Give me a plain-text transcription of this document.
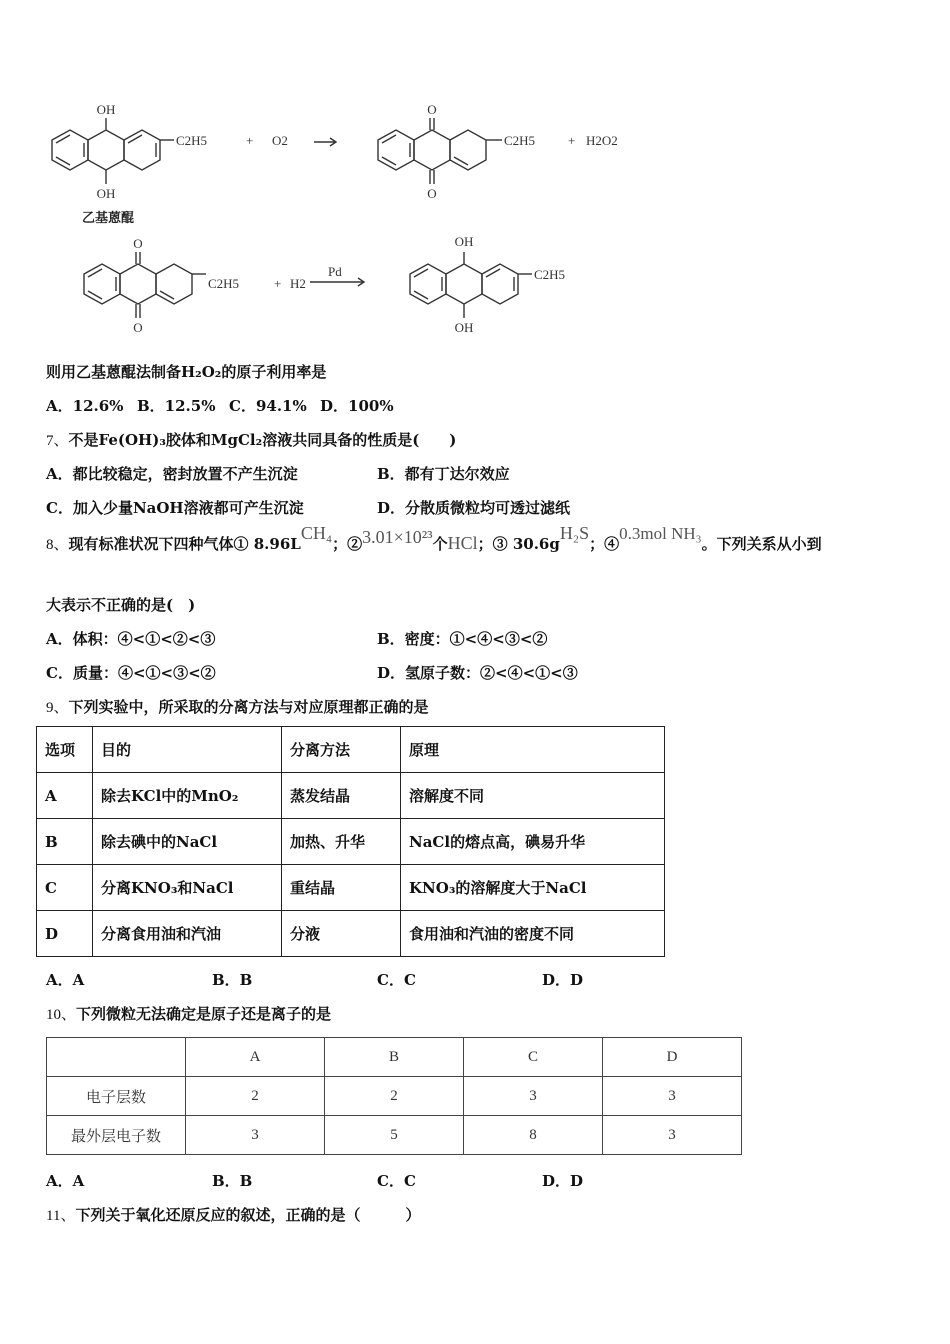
OH
OH
C2H5	+ O2
O
O
C2H5	+ H2O2
乙基蒽醌
O
O
C2H5	+ H2
Pd
OH
OH
C2H5
则用乙基蒽醌法制备H₂O₂的原子利用率是
A．12.6% B．12.5% C．94.1% D．100%
7、不是Fe(OH)₃胶体和MgCl₂溶液共同具备的性质是(　　)
A．都比较稳定，密封放置不产生沉淀	B．都有丁达尔效应
C．加入少量NaOH溶液都可产生沉淀	D．分散质微粒均可透过滤纸
8、现有标准状况下四种气体① 8.96LCH₄；②3.01×10²³个HCl；③ 30.6gH₂S；④0.3mol NH₃。下列关系从小到
大表示不正确的是(　)
A．体积：④<①<②<③	B．密度：①<④<③<②
C．质量：④<①<③<②	D．氢原子数：②<④<①<③
9、下列实验中，所采取的分离方法与对应原理都正确的是
选项	目的	分离方法	原理
A	除去KCl中的MnO₂	蒸发结晶	溶解度不同
B	除去碘中的NaCl	加热、升华	NaCl的熔点高，碘易升华
C	分离KNO₃和NaCl	重结晶	KNO₃的溶解度大于NaCl
D	分离食用油和汽油	分液	食用油和汽油的密度不同
A．A	B．B	C．C	D．D
10、下列微粒无法确定是原子还是离子的是
	A	B	C	D
电子层数	2	2	3	3
最外层电子数	3	5	8	3
A．A	B．B	C．C	D．D
11、下列关于氧化还原反应的叙述，正确的是（　　　）
